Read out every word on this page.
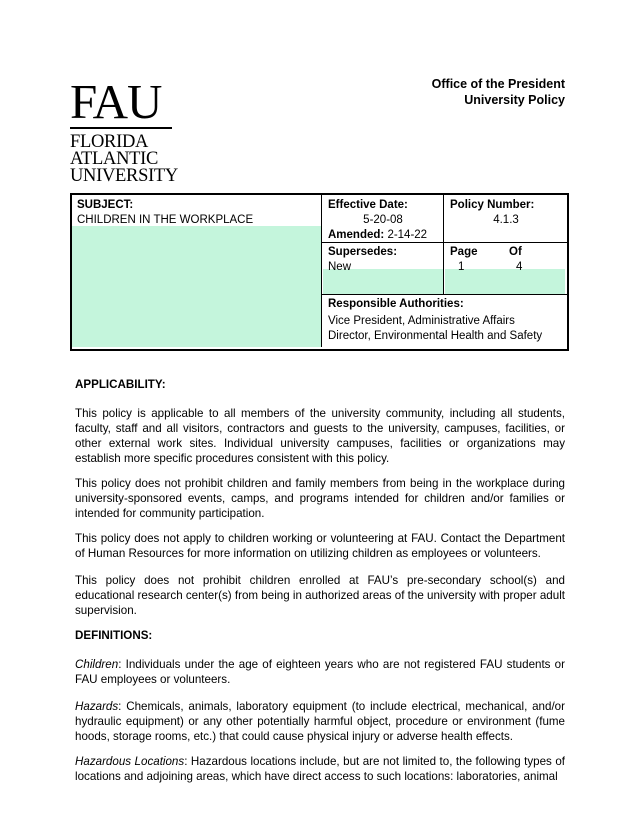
FAU
FLORIDA
ATLANTIC
UNIVERSITY
Office of the President
University Policy
SUBJECT:
CHILDREN IN THE WORKPLACE
Effective Date:
5-20-08
Amended: 2-14-22
Policy Number:
4.1.3
Supersedes:
New
Page	Of
1	4
Responsible Authorities:
Vice President, Administrative Affairs
Director, Environmental Health and Safety
APPLICABILITY:

This policy is applicable to all members of the university community, including all students, faculty, staff and all visitors, contractors and guests to the university, campuses, facilities, or other external work sites. Individual university campuses, facilities or organizations may establish more specific procedures consistent with this policy.

This policy does not prohibit children and family members from being in the workplace during university-sponsored events, camps, and programs intended for children and/or families or intended for community participation.

This policy does not apply to children working or volunteering at FAU. Contact the Department of Human Resources for more information on utilizing children as employees or volunteers.

This policy does not prohibit children enrolled at FAU’s pre-secondary school(s) and educational research center(s) from being in authorized areas of the university with proper adult supervision.

DEFINITIONS:

Children: Individuals under the age of eighteen years who are not registered FAU students or FAU employees or volunteers.

Hazards: Chemicals, animals, laboratory equipment (to include electrical, mechanical, and/or hydraulic equipment) or any other potentially harmful object, procedure or environment (fume hoods, storage rooms, etc.) that could cause physical injury or adverse health effects.

Hazardous Locations: Hazardous locations include, but are not limited to, the following types of locations and adjoining areas, which have direct access to such locations: laboratories, animal
